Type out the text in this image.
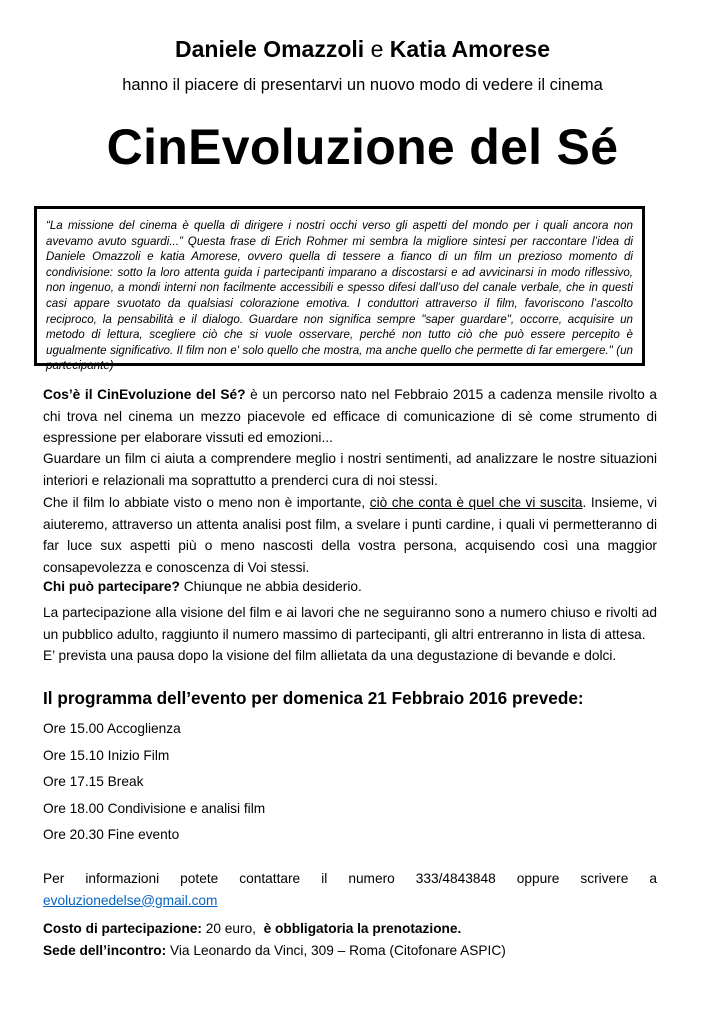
Daniele Omazzoli e Katia Amorese
hanno il piacere di presentarvi un nuovo modo di vedere il cinema
CinEvoluzione del Sé
“La missione del cinema è quella di dirigere i nostri occhi verso gli aspetti del mondo per i quali ancora non avevamo avuto sguardi...” Questa frase di Erich Rohmer mi sembra la migliore sintesi per raccontare l’idea di Daniele Omazzoli e katia Amorese, ovvero quella di tessere a fianco di un film un prezioso momento di condivisione: sotto la loro attenta guida i partecipanti imparano a discostarsi e ad avvicinarsi in modo riflessivo, non ingenuo, a mondi interni non facilmente accessibili e spesso difesi dall’uso del canale verbale, che in questi casi appare svuotato da qualsiasi colorazione emotiva. I conduttori attraverso il film, favoriscono l’ascolto reciproco, la pensabilità e il dialogo. Guardare non significa sempre "saper guardare", occorre, acquisire un metodo di lettura, scegliere ciò che si vuole osservare, perché non tutto ciò che può essere percepito è ugualmente significativo. Il film non e' solo quello che mostra, ma anche quello che permette di far emergere." (un partecipante)

Cos’è il CinEvoluzione del Sé? è un percorso nato nel Febbraio 2015 a cadenza mensile rivolto a chi trova nel cinema un mezzo piacevole ed efficace di comunicazione di sè come strumento di espressione per elaborare vissuti ed emozioni...

Guardare un film ci aiuta a comprendere meglio i nostri sentimenti, ad analizzare le nostre situazioni interiori e relazionali ma soprattutto a prenderci cura di noi stessi.

Che il film lo abbiate visto o meno non è importante, ciò che conta è quel che vi suscita. Insieme, vi aiuteremo, attraverso un attenta analisi post film, a svelare i punti cardine, i quali vi permetteranno di far luce sux aspetti più o meno nascosti della vostra persona, acquisendo così una maggior consapevolezza e conoscenza di Voi stessi.

Chi può partecipare? Chiunque ne abbia desiderio.

La partecipazione alla visione del film e ai lavori che ne seguiranno sono a numero chiuso e rivolti ad un pubblico adulto, raggiunto il numero massimo di partecipanti, gli altri entreranno in lista di attesa.

E’ prevista una pausa dopo la visione del film allietata da una degustazione di bevande e dolci.

Il programma dell’evento per domenica 21 Febbraio 2016 prevede:
Ore 15.00 Accoglienza
Ore 15.10 Inizio Film
Ore 17.15 Break
Ore 18.00 Condivisione e analisi film
Ore 20.30 Fine evento

Per informazioni potete contattare il numero 333/4843848 oppure scrivere a

evoluzionedelse@gmail.com

Costo di partecipazione: 20 euro, è obbligatoria la prenotazione.

Sede dell’incontro: Via Leonardo da Vinci, 309 – Roma (Citofonare ASPIC)
